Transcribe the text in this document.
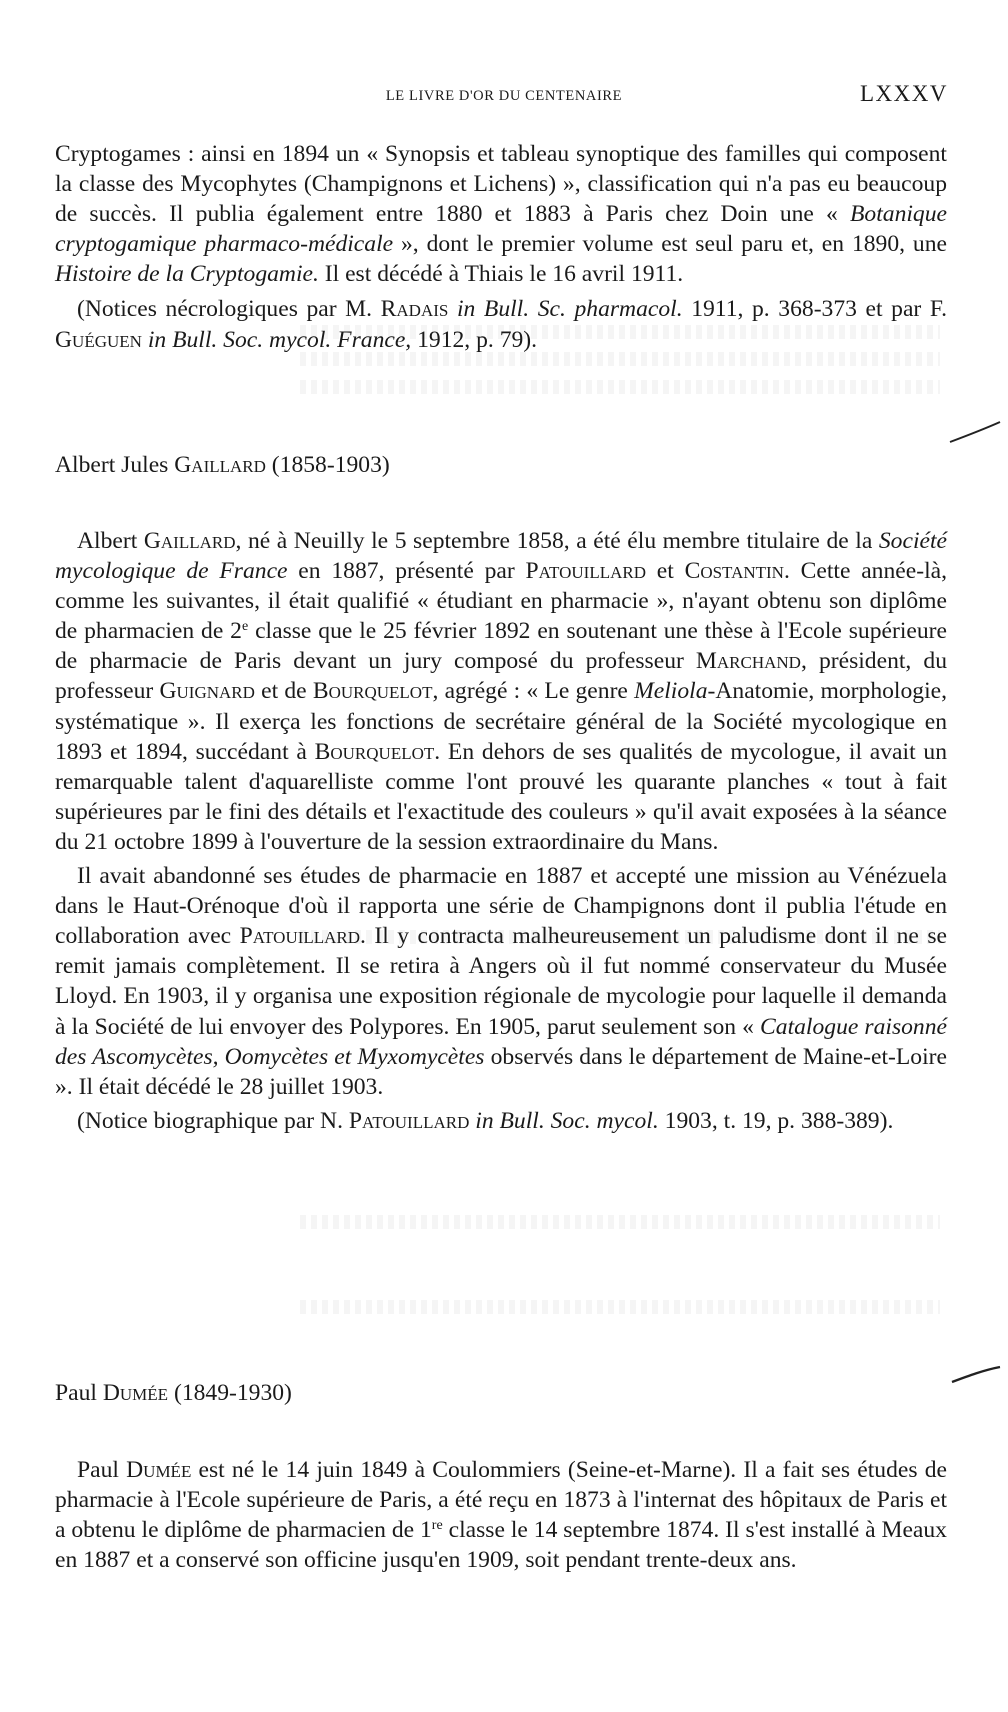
LE LIVRE D'OR DU CENTENAIRE	LXXXV

Cryptogames : ainsi en 1894 un « Synopsis et tableau synoptique des familles qui composent la classe des Mycophytes (Champignons et Lichens) », classification qui n'a pas eu beaucoup de succès. Il publia également entre 1880 et 1883 à Paris chez Doin une « Botanique cryptogamique pharmaco-médicale », dont le premier volume est seul paru et, en 1890, une Histoire de la Cryptogamie. Il est décédé à Thiais le 16 avril 1911.

(Notices nécrologiques par M. Radais in Bull. Sc. pharmacol. 1911, p. 368-373 et par F. Guéguen in Bull. Soc. mycol. France, 1912, p. 79).

Albert Jules Gaillard (1858-1903)

Albert Gaillard, né à Neuilly le 5 septembre 1858, a été élu membre titulaire de la Société mycologique de France en 1887, présenté par Patouillard et Costantin. Cette année-là, comme les suivantes, il était qualifié « étudiant en pharmacie », n'ayant obtenu son diplôme de pharmacien de 2e classe que le 25 février 1892 en soutenant une thèse à l'Ecole supérieure de pharmacie de Paris devant un jury composé du professeur Marchand, président, du professeur Guignard et de Bourquelot, agrégé : « Le genre Meliola-Anatomie, morphologie, systématique ». Il exerça les fonctions de secrétaire général de la Société mycologique en 1893 et 1894, succédant à Bourquelot. En dehors de ses qualités de mycologue, il avait un remarquable talent d'aquarelliste comme l'ont prouvé les quarante planches « tout à fait supérieures par le fini des détails et l'exactitude des couleurs » qu'il avait exposées à la séance du 21 octobre 1899 à l'ouverture de la session extraordinaire du Mans.

Il avait abandonné ses études de pharmacie en 1887 et accepté une mission au Vénézuela dans le Haut-Orénoque d'où il rapporta une série de Champignons dont il publia l'étude en collaboration avec Patouillard. Il y contracta malheureusement un paludisme dont il ne se remit jamais complètement. Il se retira à Angers où il fut nommé conservateur du Musée Lloyd. En 1903, il y organisa une exposition régionale de mycologie pour laquelle il demanda à la Société de lui envoyer des Polypores. En 1905, parut seulement son « Catalogue raisonné des Ascomycètes, Oomycètes et Myxomycètes observés dans le département de Maine-et-Loire ». Il était décédé le 28 juillet 1903.

(Notice biographique par N. Patouillard in Bull. Soc. mycol. 1903, t. 19, p. 388-389).

Paul Dumée (1849-1930)

Paul Dumée est né le 14 juin 1849 à Coulommiers (Seine-et-Marne). Il a fait ses études de pharmacie à l'Ecole supérieure de Paris, a été reçu en 1873 à l'internat des hôpitaux de Paris et a obtenu le diplôme de pharmacien de 1re classe le 14 septembre 1874. Il s'est installé à Meaux en 1887 et a conservé son officine jusqu'en 1909, soit pendant trente-deux ans.
